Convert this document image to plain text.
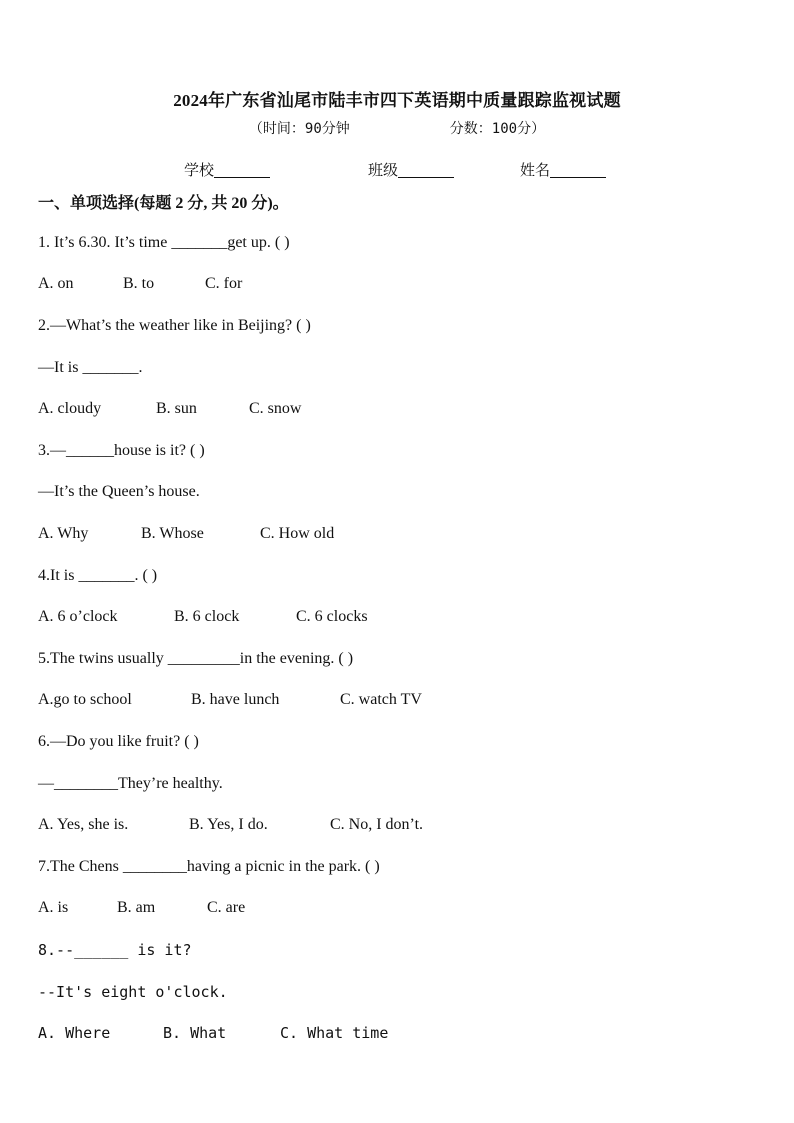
2024年广东省汕尾市陆丰市四下英语期中质量跟踪监视试题
（时间：90分钟	分数：100分）
学校	班级	姓名
一、单项选择(每题 2 分, 共 20 分)。
1. It’s 6.30. It’s time _______get up. ( )
A. on	B. to	C. for
2.—What’s the weather like in Beijing? ( )
—It is _______.
A. cloudy	B. sun	C. snow
3.—______house is it? ( )
—It’s the Queen’s house.
A. Why	B. Whose	C. How old
4.It is _______. ( )
A. 6 o’clock	B. 6 clock	C. 6 clocks
5.The twins usually _________in the evening. ( )
A.go to school	B. have lunch	C. watch TV
6.—Do you like fruit? ( )
—________They’re healthy.
A. Yes, she is.	B. Yes, I do.	C. No, I don’t.
7.The Chens ________having a picnic in the park. ( )
A. is	B. am	C. are
8.--______ is it?
--It's eight o'clock.
A. Where	B. What	C. What time
